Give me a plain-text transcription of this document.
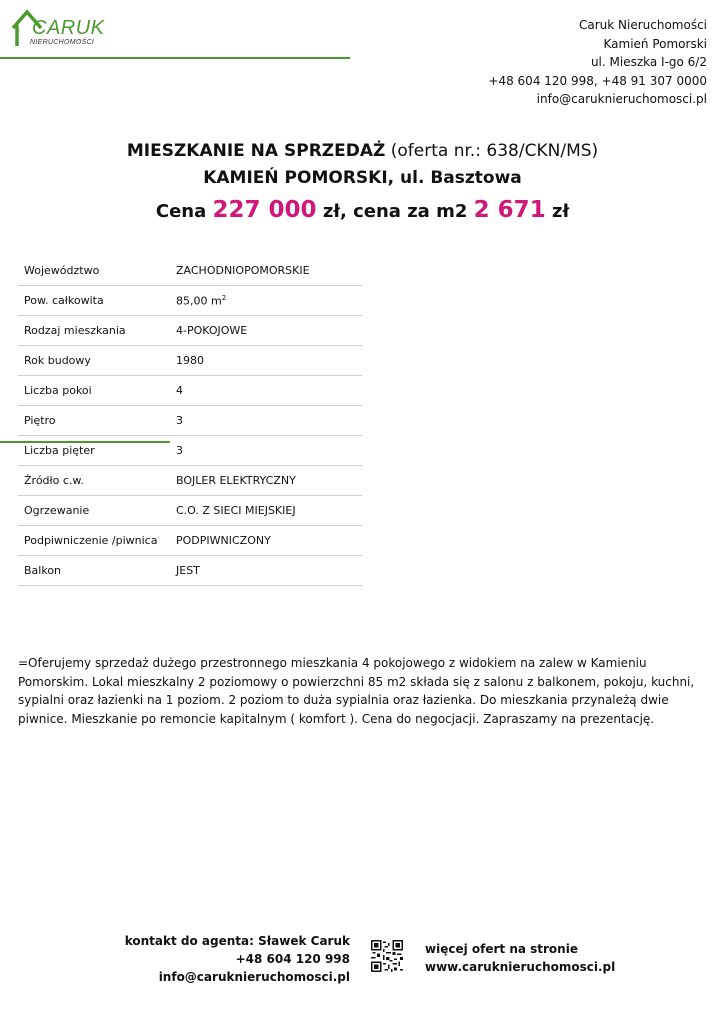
CARUK
NIERUCHOMOŚCI
Caruk Nieruchomości
Kamień Pomorski
ul. Mieszka I-go 6/2
+48 604 120 998, +48 91 307 0000
info@caruknieruchomosci.pl
MIESZKANIE NA SPRZEDAŻ (oferta nr.: 638/CKN/MS)
KAMIEŃ POMORSKI, ul. Basztowa
Cena 227 000 zł, cena za m2 2 671 zł
Województwo	ZACHODNIOPOMORSKIE
Pow. całkowita	85,00 $m^2$
Rodzaj mieszkania	4-POKOJOWE
Rok budowy	1980
Liczba pokoi	4
Piętro	3
Liczba pięter	3
Źródło c.w.	BOJLER ELEKTRYCZNY
Ogrzewanie	C.O. Z SIECI MIEJSKIEJ
Podpiwniczenie /piwnica	PODPIWNICZONY
Balkon	JEST
=Oferujemy sprzedaż dużego przestronnego mieszkania 4 pokojowego z widokiem na zalew w Kamieniu Pomorskim. Lokal mieszkalny 2 poziomowy o powierzchni 85 m2 składa się z salonu z balkonem, pokoju, kuchni, sypialni oraz łazienki na 1 poziom. 2 poziom to duża sypialnia oraz łazienka. Do mieszkania przynależą dwie piwnice. Mieszkanie po remoncie kapitalnym ( komfort ). Cena do negocjacji. Zapraszamy na prezentację.
kontakt do agenta: Sławek Caruk
+48 604 120 998
info@caruknieruchomosci.pl
więcej ofert na stronie
www.caruknieruchomosci.pl
